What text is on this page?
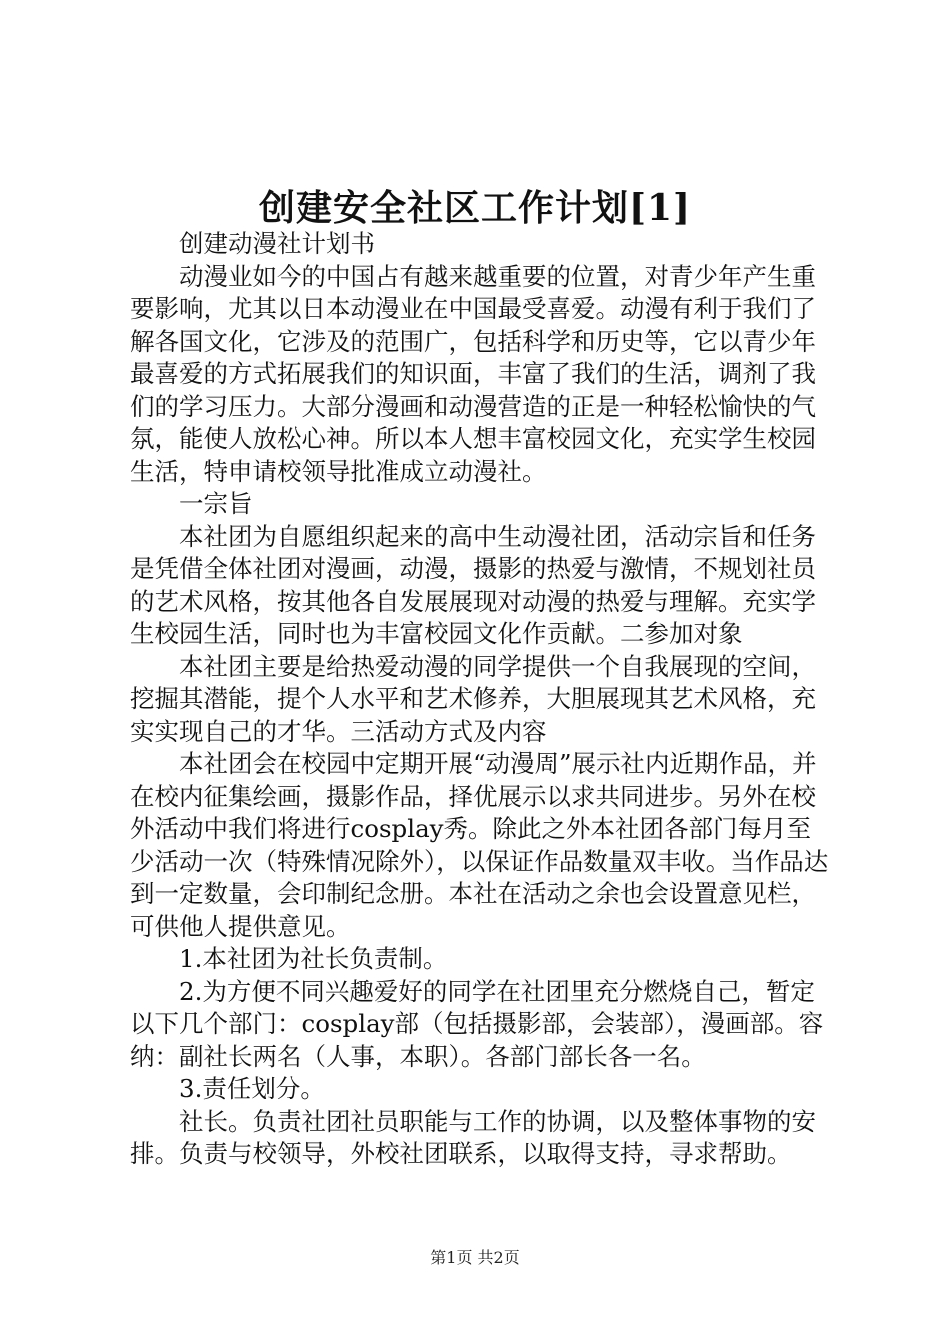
创建安全社区工作计划[1]

创建动漫社计划书

动漫业如今的中国占有越来越重要的位置，对青少年产生重要影响，尤其以日本动漫业在中国最受喜爱。动漫有利于我们了解各国文化，它涉及的范围广，包括科学和历史等，它以青少年最喜爱的方式拓展我们的知识面，丰富了我们的生活，调剂了我们的学习压力。大部分漫画和动漫营造的正是一种轻松愉快的气氛，能使人放松心神。所以本人想丰富校园文化，充实学生校园生活，特申请校领导批准成立动漫社。

一宗旨

本社团为自愿组织起来的高中生动漫社团，活动宗旨和任务是凭借全体社团对漫画，动漫，摄影的热爱与激情，不规划社员的艺术风格，按其他各自发展展现对动漫的热爱与理解。充实学生校园生活，同时也为丰富校园文化作贡献。二参加对象

本社团主要是给热爱动漫的同学提供一个自我展现的空间，挖掘其潜能，提个人水平和艺术修养，大胆展现其艺术风格，充实实现自己的才华。三活动方式及内容

本社团会在校园中定期开展“动漫周”展示社内近期作品，并在校内征集绘画，摄影作品，择优展示以求共同进步。另外在校外活动中我们将进行cosplay秀。除此之外本社团各部门每月至少活动一次（特殊情况除外），以保证作品数量双丰收。当作品达到一定数量，会印制纪念册。本社在活动之余也会设置意见栏，可供他人提供意见。

1.本社团为社长负责制。

2.为方便不同兴趣爱好的同学在社团里充分燃烧自己，暂定以下几个部门：cosplay部（包括摄影部，会装部），漫画部。容纳：副社长两名（人事，本职）。各部门部长各一名。

3.责任划分。

社长。负责社团社员职能与工作的协调，以及整体事物的安排。负责与校领导，外校社团联系，以取得支持，寻求帮助。

第1页 共2页
